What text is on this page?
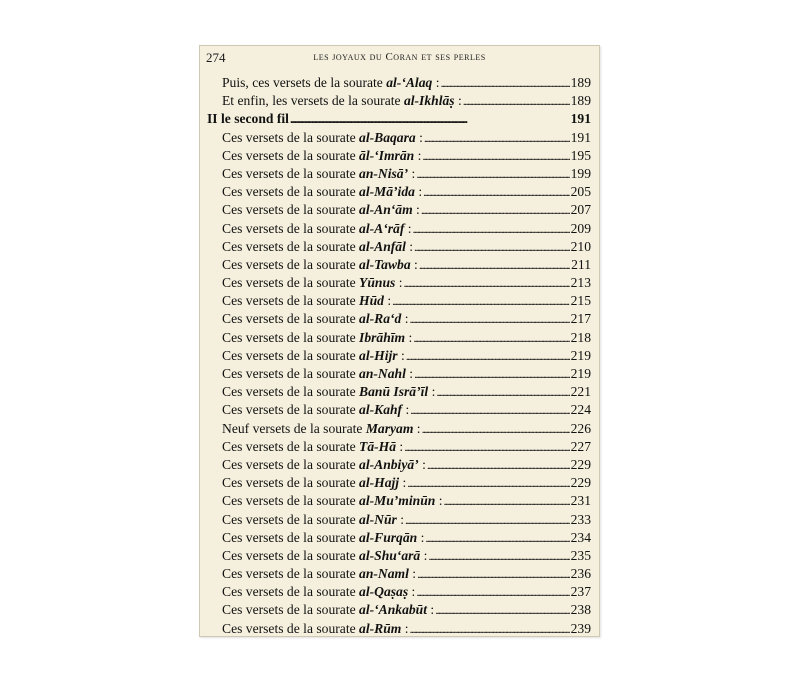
274	les joyaux du Coran et ses perles
Puis, ces versets de la sourate al-‘Alaq : . . .	189
Et enfin, les versets de la sourate al-Ikhlāṣ : . . .	189
II le second fil . . .	191
Ces versets de la sourate al-Baqara : . . .	191
Ces versets de la sourate āl-‘Imrān : . . .	195
Ces versets de la sourate an-Nisā’ : . . .	199
Ces versets de la sourate al-Mā’ida : . . .	205
Ces versets de la sourate al-An‘ām : . . .	207
Ces versets de la sourate al-A‘rāf : . . .	209
Ces versets de la sourate al-Anfāl : . . .	210
Ces versets de la sourate al-Tawba : . . .	211
Ces versets de la sourate Yūnus : . . .	213
Ces versets de la sourate Hūd : . . .	215
Ces versets de la sourate al-Ra‘d : . . .	217
Ces versets de la sourate Ibrāhīm : . . .	218
Ces versets de la sourate al-Hijr : . . .	219
Ces versets de la sourate an-Nahl : . . .	219
Ces versets de la sourate Banū Isrā’īl : . . .	221
Ces versets de la sourate al-Kahf : . . .	224
Neuf versets de la sourate Maryam : . . .	226
Ces versets de la sourate Tā-Hā : . . .	227
Ces versets de la sourate al-Anbiyā’ : . . .	229
Ces versets de la sourate al-Hajj : . . .	229
Ces versets de la sourate al-Mu’minūn : . . .	231
Ces versets de la sourate al-Nūr : . . .	233
Ces versets de la sourate al-Furqān : . . .	234
Ces versets de la sourate al-Shu‘arā : . . .	235
Ces versets de la sourate an-Naml : . . .	236
Ces versets de la sourate al-Qaṣaṣ : . . .	237
Ces versets de la sourate al-‘Ankabūt : . . .	238
Ces versets de la sourate al-Rūm : . . .	239
